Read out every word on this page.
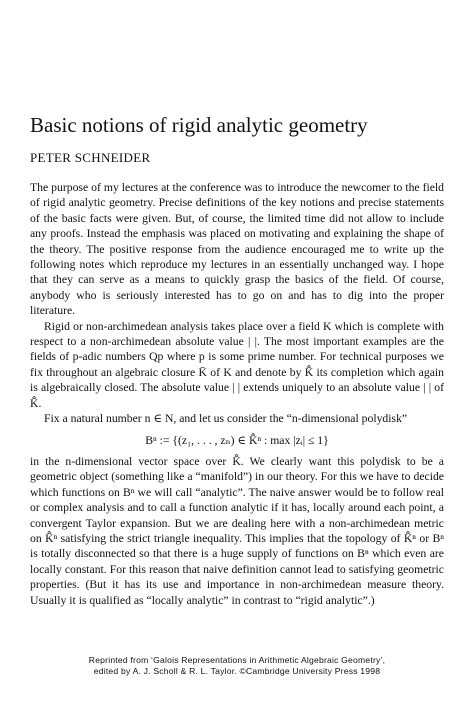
Basic notions of rigid analytic geometry
PETER SCHNEIDER

The purpose of my lectures at the conference was to introduce the newcomer to the field of rigid analytic geometry. Precise definitions of the key notions and precise statements of the basic facts were given. But, of course, the limited time did not allow to include any proofs. Instead the emphasis was placed on motivating and explaining the shape of the theory. The positive response from the audience encouraged me to write up the following notes which reproduce my lectures in an essentially unchanged way. I hope that they can serve as a means to quickly grasp the basics of the field. Of course, anybody who is seriously interested has to go on and has to dig into the proper literature.

Rigid or non-archimedean analysis takes place over a field K which is complete with respect to a non-archimedean absolute value | |. The most important examples are the fields of p-adic numbers Qp where p is some prime number. For technical purposes we fix throughout an algebraic closure K̄ of K and denote by K̂̄ its completion which again is algebraically closed. The absolute value | | extends uniquely to an absolute value | | of K̂̄.

Fix a natural number n ∈ N, and let us consider the “n-dimensional polydisk”

Bⁿ := {(z₁, . . . , zₙ) ∈ K̂̄ⁿ : max |zᵢ| ≤ 1}

in the n-dimensional vector space over K̂̄. We clearly want this polydisk to be a geometric object (something like a “manifold”) in our theory. For this we have to decide which functions on Bⁿ we will call “analytic”. The naive answer would be to follow real or complex analysis and to call a function analytic if it has, locally around each point, a convergent Taylor expansion. But we are dealing here with a non-archimedean metric on K̂̄ⁿ satisfying the strict triangle inequality. This implies that the topology of K̂̄ⁿ or Bⁿ is totally disconnected so that there is a huge supply of functions on Bⁿ which even are locally constant. For this reason that naive definition cannot lead to satisfying geometric properties. (But it has its use and importance in non-archimedean measure theory. Usually it is qualified as “locally analytic” in contrast to “rigid analytic”.)

Reprinted from ‘Galois Representations in Arithmetic Algebraic Geometry’,
edited by A. J. Scholl & R. L. Taylor. ©Cambridge University Press 1998
